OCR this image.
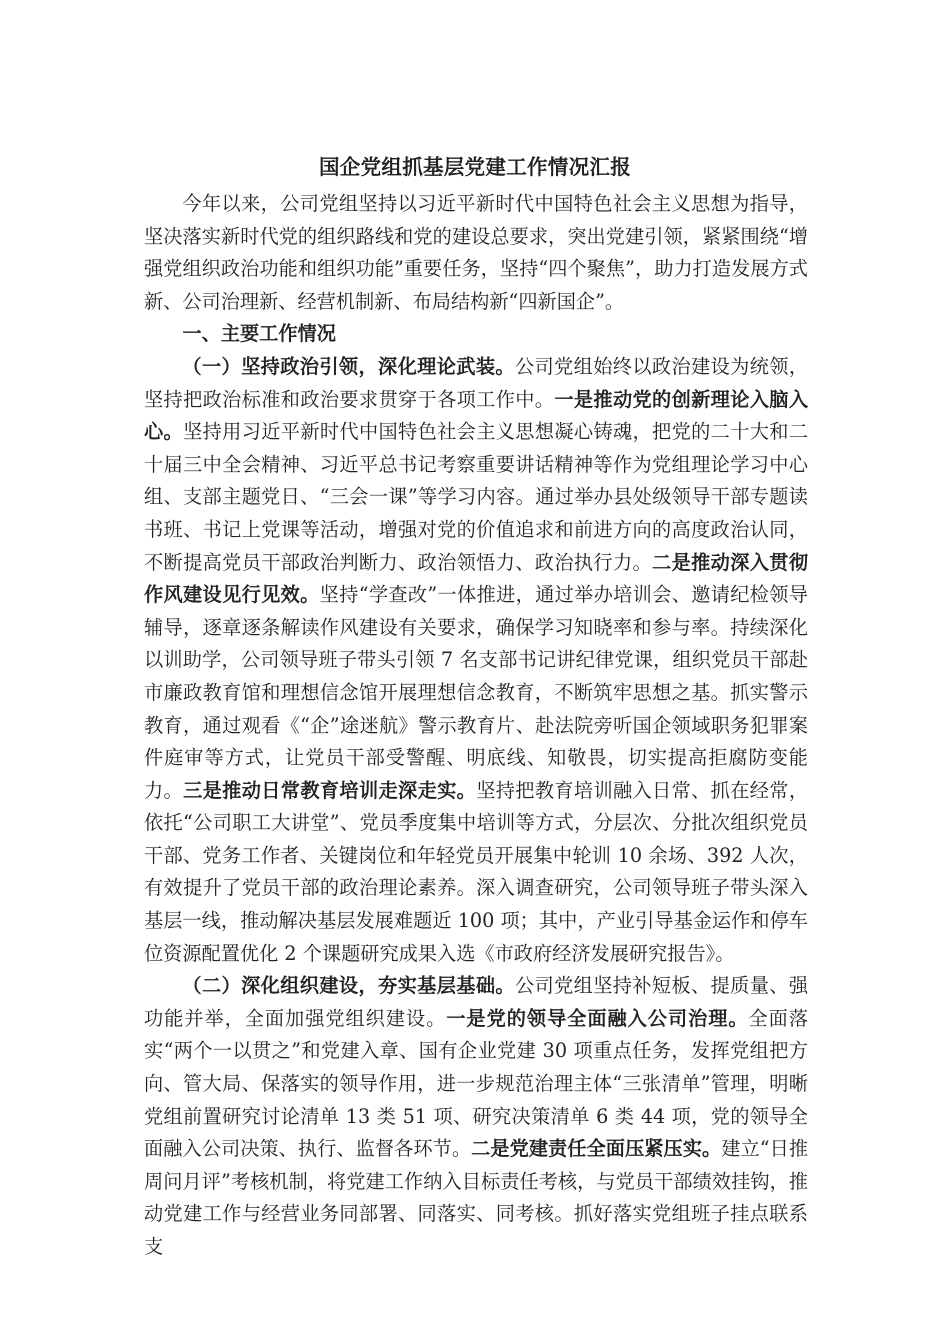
国企党组抓基层党建工作情况汇报

今年以来，公司党组坚持以习近平新时代中国特色社会主义思想为指导，坚决落实新时代党的组织路线和党的建设总要求，突出党建引领，紧紧围绕“增强党组织政治功能和组织功能”重要任务，坚持“四个聚焦”，助力打造发展方式新、公司治理新、经营机制新、布局结构新“四新国企”。

一、主要工作情况

（一）坚持政治引领，深化理论武装。公司党组始终以政治建设为统领，坚持把政治标准和政治要求贯穿于各项工作中。一是推动党的创新理论入脑入心。坚持用习近平新时代中国特色社会主义思想凝心铸魂，把党的二十大和二十届三中全会精神、习近平总书记考察重要讲话精神等作为党组理论学习中心组、支部主题党日、“三会一课”等学习内容。通过举办县处级领导干部专题读书班、书记上党课等活动，增强对党的价值追求和前进方向的高度政治认同，不断提高党员干部政治判断力、政治领悟力、政治执行力。二是推动深入贯彻作风建设见行见效。坚持“学查改”一体推进，通过举办培训会、邀请纪检领导辅导，逐章逐条解读作风建设有关要求，确保学习知晓率和参与率。持续深化以训助学，公司领导班子带头引领 7 名支部书记讲纪律党课，组织党员干部赴市廉政教育馆和理想信念馆开展理想信念教育，不断筑牢思想之基。抓实警示教育，通过观看《“企”途迷航》警示教育片、赴法院旁听国企领域职务犯罪案件庭审等方式，让党员干部受警醒、明底线、知敬畏，切实提高拒腐防变能力。三是推动日常教育培训走深走实。坚持把教育培训融入日常、抓在经常，依托“公司职工大讲堂”、党员季度集中培训等方式，分层次、分批次组织党员干部、党务工作者、关键岗位和年轻党员开展集中轮训 10 余场、392 人次，有效提升了党员干部的政治理论素养。深入调查研究，公司领导班子带头深入基层一线，推动解决基层发展难题近 100 项；其中，产业引导基金运作和停车位资源配置优化 2 个课题研究成果入选《市政府经济发展研究报告》。

（二）深化组织建设，夯实基层基础。公司党组坚持补短板、提质量、强功能并举，全面加强党组织建设。一是党的领导全面融入公司治理。全面落实“两个一以贯之”和党建入章、国有企业党建 30 项重点任务，发挥党组把方向、管大局、保落实的领导作用，进一步规范治理主体“三张清单”管理，明晰党组前置研究讨论清单 13 类 51 项、研究决策清单 6 类 44 项，党的领导全面融入公司决策、执行、监督各环节。二是党建责任全面压紧压实。建立“日推周问月评”考核机制，将党建工作纳入目标责任考核，与党员干部绩效挂钩，推动党建工作与经营业务同部署、同落实、同考核。抓好落实党组班子挂点联系支
